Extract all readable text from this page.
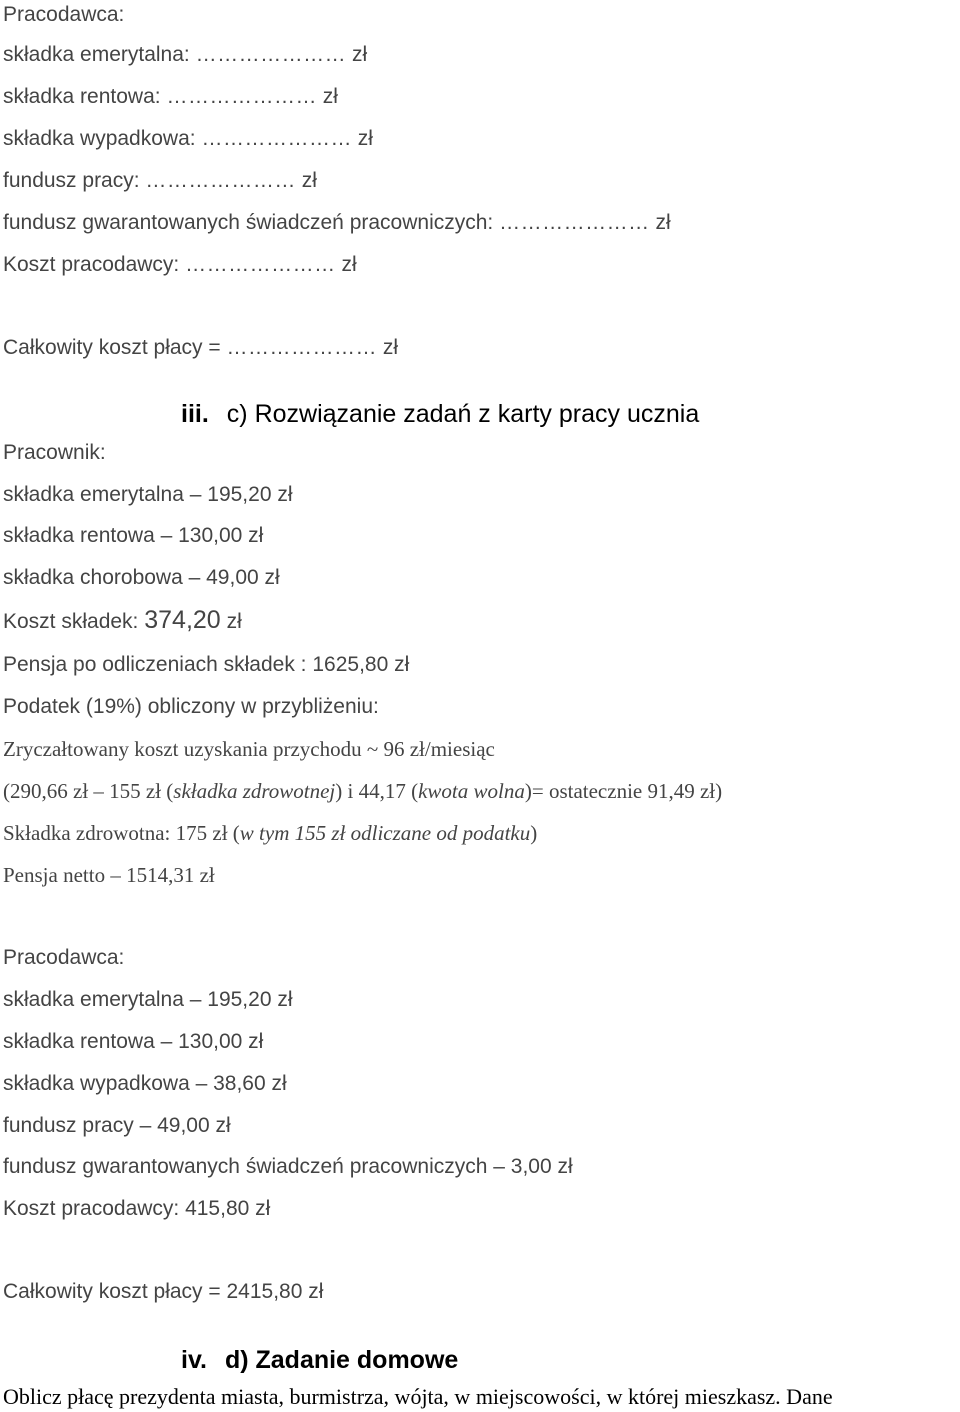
Pracodawca:
składka emerytalna: ………………… zł
składka rentowa: ………………… zł
składka wypadkowa: ………………… zł
fundusz pracy: ………………… zł
fundusz gwarantowanych świadczeń pracowniczych: ………………… zł
Koszt pracodawcy: ………………… zł
Całkowity koszt płacy = ………………… zł
iii. c) Rozwiązanie zadań z karty pracy ucznia
Pracownik:
składka emerytalna – 195,20 zł
składka rentowa – 130,00 zł
składka chorobowa – 49,00 zł
Koszt składek: 374,20 zł
Pensja po odliczeniach składek : 1625,80 zł
Podatek (19%) obliczony w przybliżeniu:
Zryczałtowany koszt uzyskania przychodu ~ 96 zł/miesiąc
(290,66 zł – 155 zł (składka zdrowotnej) i 44,17 (kwota wolna)= ostatecznie 91,49 zł)
Składka zdrowotna: 175 zł (w tym 155 zł odliczane od podatku)
Pensja netto – 1514,31 zł
Pracodawca:
składka emerytalna – 195,20 zł
składka rentowa – 130,00 zł
składka wypadkowa – 38,60 zł
fundusz pracy – 49,00 zł
fundusz gwarantowanych świadczeń pracowniczych – 3,00 zł
Koszt pracodawcy: 415,80 zł
Całkowity koszt płacy = 2415,80 zł
iv. d) Zadanie domowe
Oblicz płacę prezydenta miasta, burmistrza, wójta, w miejscowości, w której mieszkasz. Dane
